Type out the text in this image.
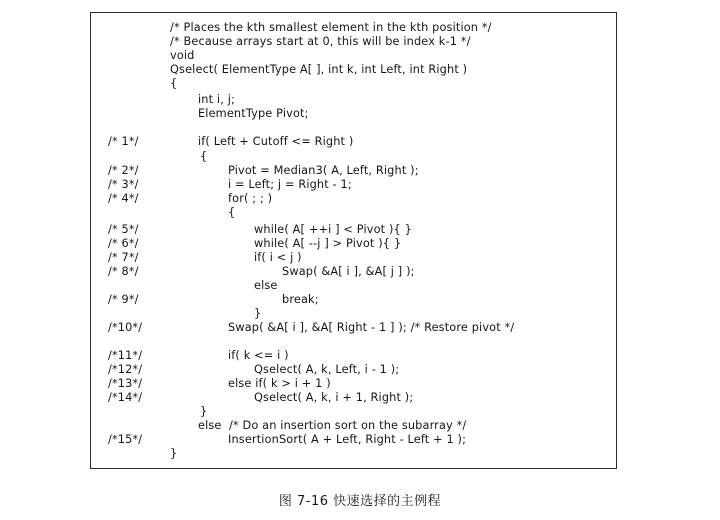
/* Places the kth smallest element in the kth position */
/* Because arrays start at 0, this will be index k-1 */
void
Qselect( ElementType A[ ], int k, int Left, int Right )
{
int i, j;
ElementType Pivot;
/* 1*/	if( Left + Cutoff <= Right )
{
/* 2*/	Pivot = Median3( A, Left, Right );
/* 3*/	i = Left; j = Right - 1;
/* 4*/	for( ; ; )
{
/* 5*/	while( A[ ++i ] < Pivot ){ }
/* 6*/	while( A[ --j ] > Pivot ){ }
/* 7*/	if( i < j )
/* 8*/	Swap( &A[ i ], &A[ j ] );
else
/* 9*/	break;
}
/*10*/	Swap( &A[ i ], &A[ Right - 1 ] ); /* Restore pivot */
/*11*/	if( k <= i )
/*12*/	Qselect( A, k, Left, i - 1 );
/*13*/	else if( k > i + 1 )
/*14*/	Qselect( A, k, i + 1, Right );
}
else  /* Do an insertion sort on the subarray */
/*15*/	InsertionSort( A + Left, Right - Left + 1 );
}
图 7-16 快速选择的主例程
